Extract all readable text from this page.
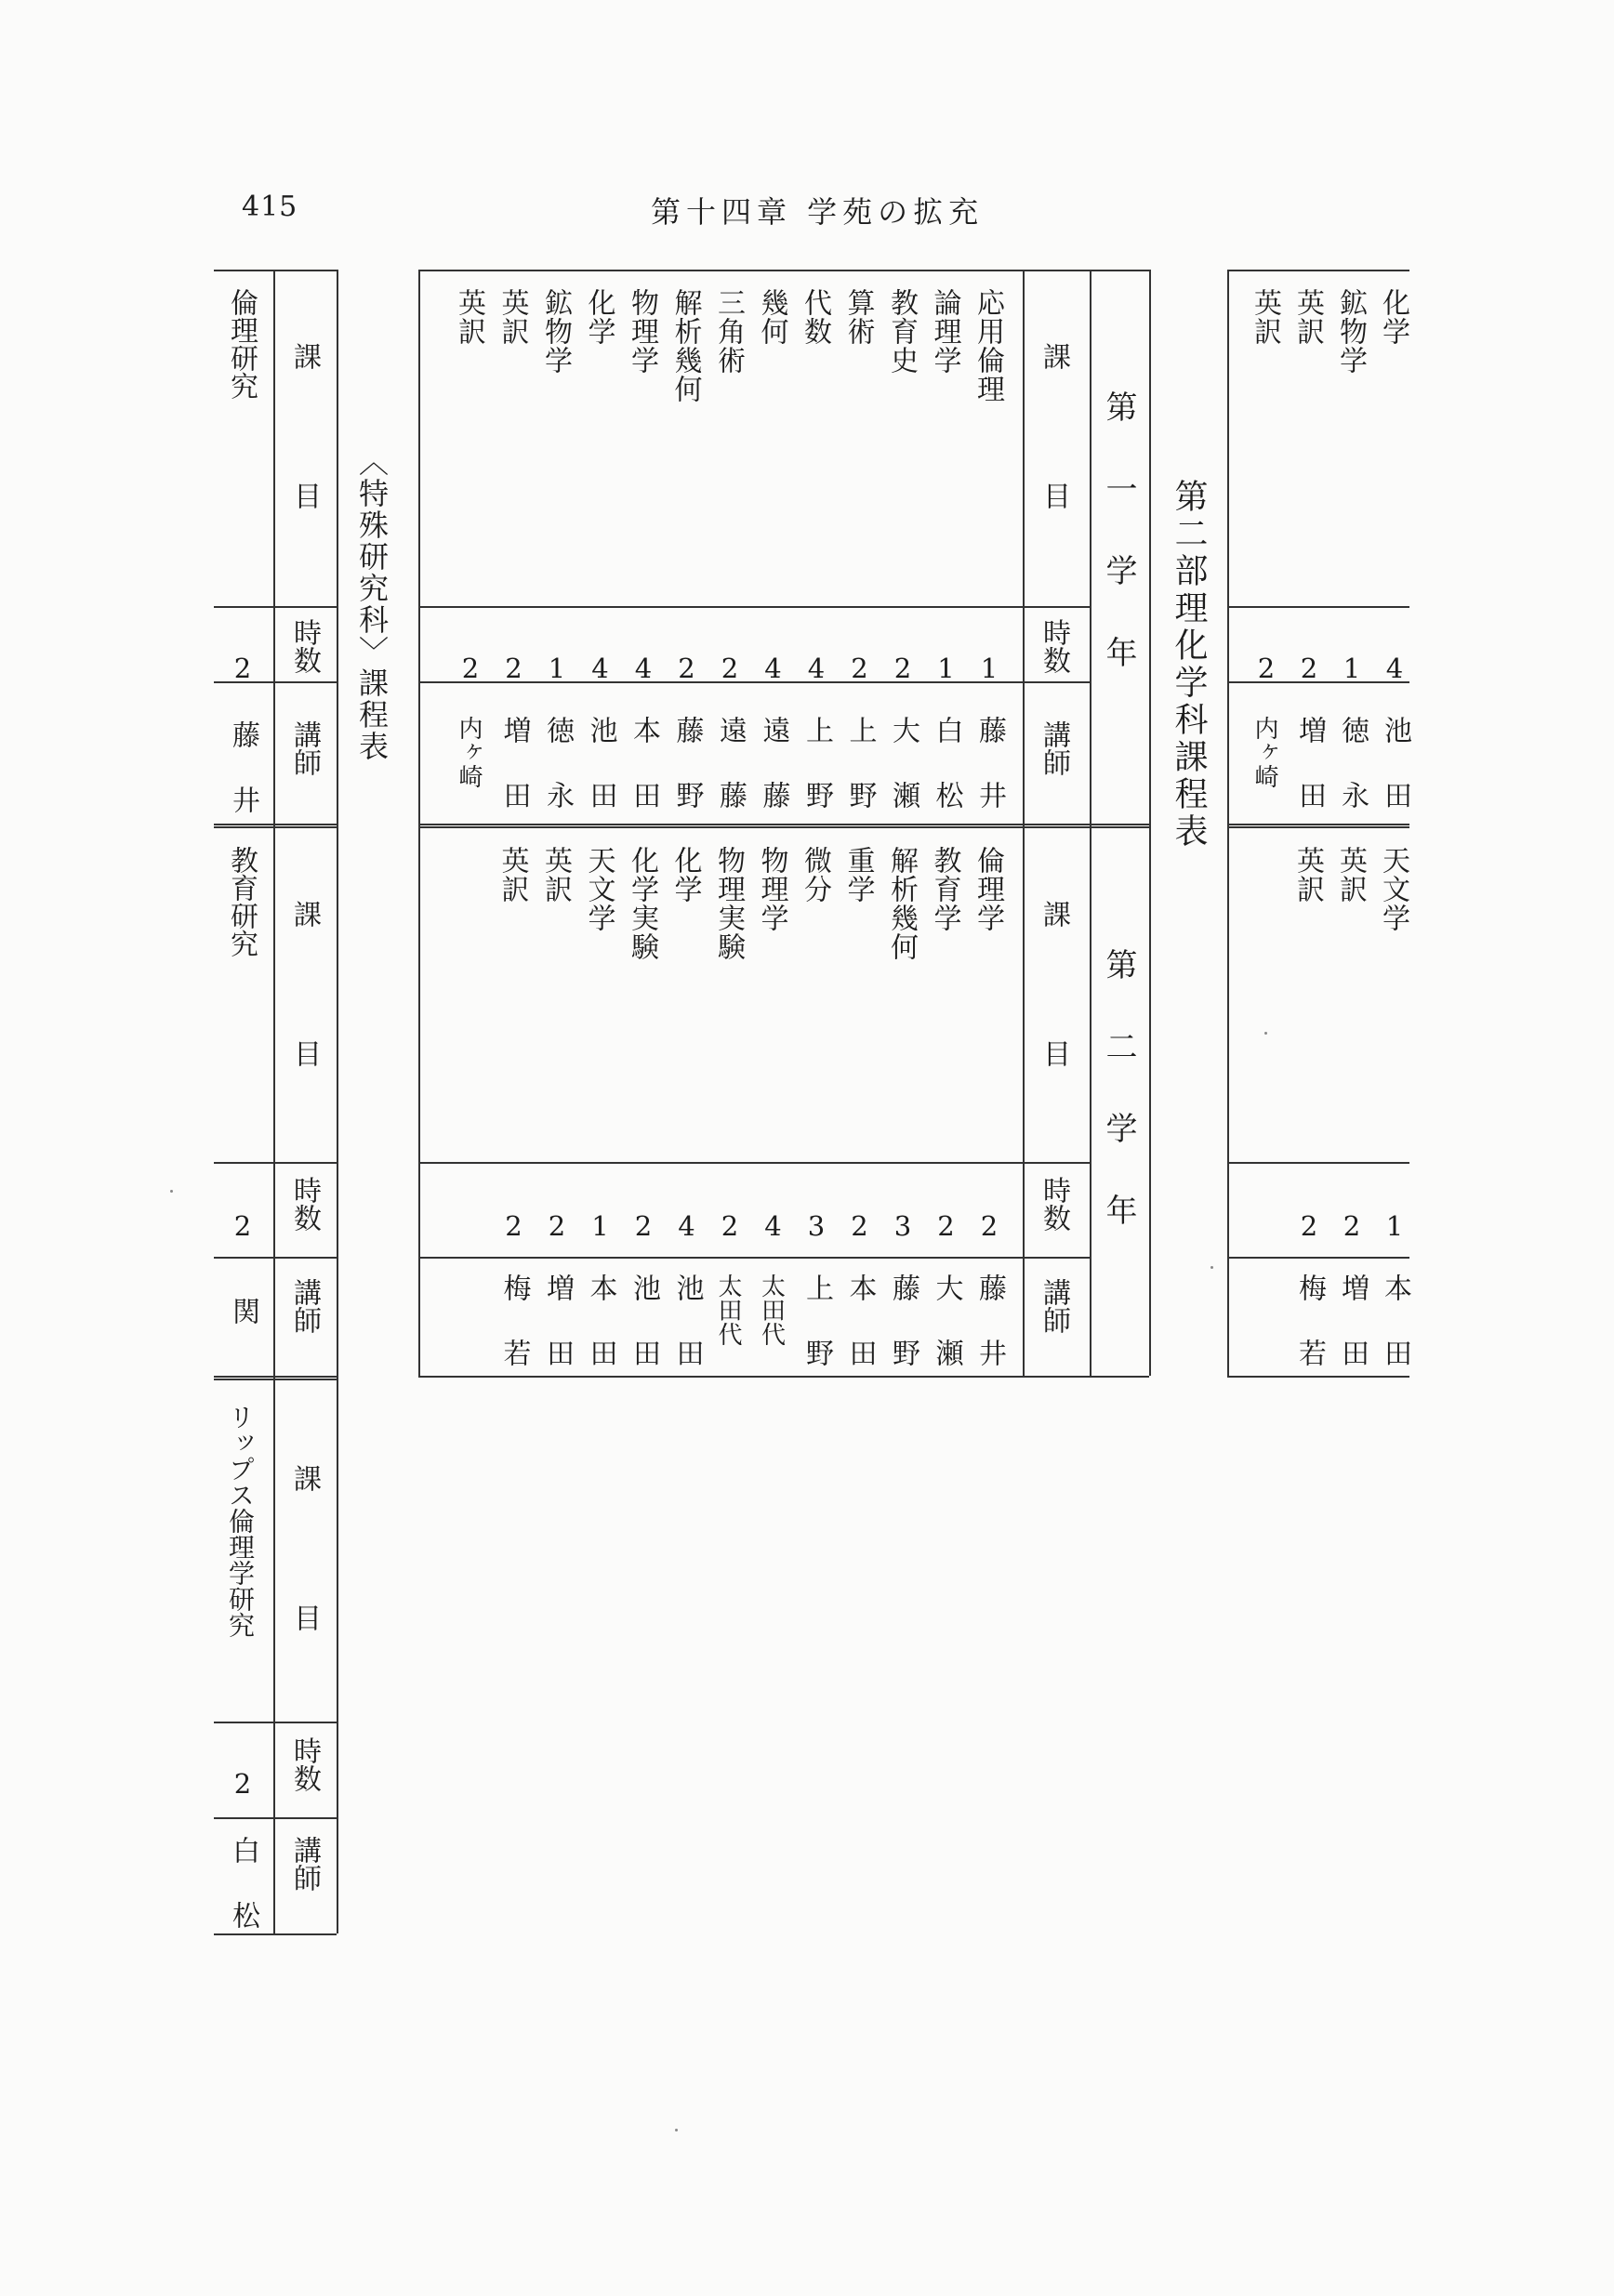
415	第十四章 学苑の拡充
化学
4
池田
鉱物学
1
徳永
英訳
2
増田
英訳
2
内ヶ崎
天文学
1
本田
英訳
2
増田
英訳
2
梅若
第二部理化学科課程表
第一学年
第二学年
課目
時数
講師
課目
時数
講師
応用倫理
1
藤井
論理学
1
白松
教育史
2
大瀬
算術
2
上野
代数
4
上野
幾何
4
遠藤
三角術
2
遠藤
解析幾何
2
藤野
物理学
4
本田
化学
4
池田
鉱物学
1
徳永
英訳
2
増田
英訳
2
内ヶ崎
倫理学
2
藤井
教育学
2
大瀬
解析幾何
3
藤野
重学
2
本田
微分
3
上野
物理学
4
太田代
物理実験
2
太田代
化学
4
池田
化学実験
2
池田
天文学
1
本田
英訳
2
増田
英訳
2
梅若
〈特殊研究科〉課程表
課目
時数
講師
課目
時数
講師
課目
時数
講師
倫理研究
2
藤井
教育研究
2
関
リップス倫理学研究
2
白松
